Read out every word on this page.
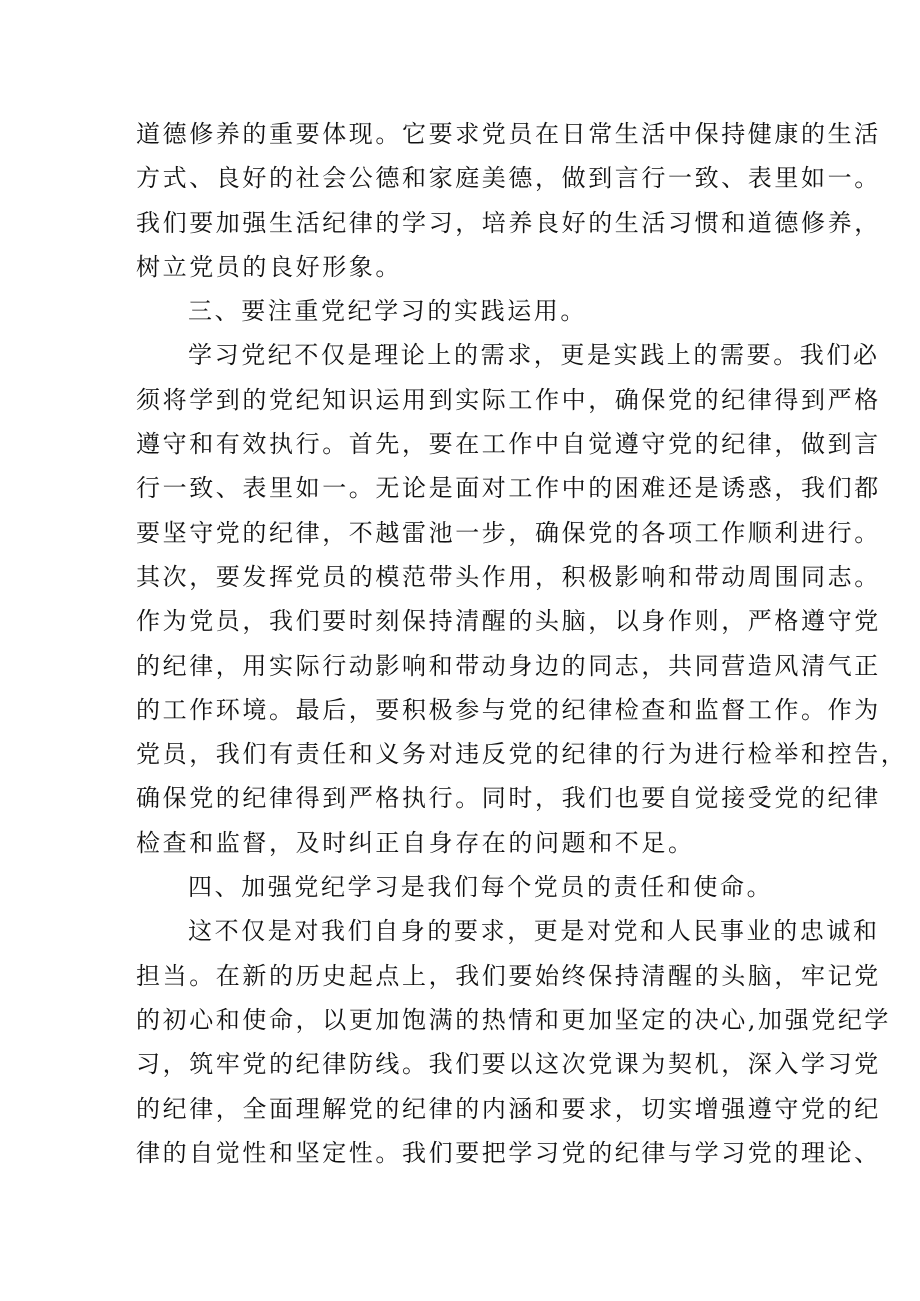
道德修养的重要体现。它要求党员在日常生活中保持健康的生活
方式、良好的社会公德和家庭美德，做到言行一致、表里如一。
我们要加强生活纪律的学习，培养良好的生活习惯和道德修养，
树立党员的良好形象。
三、要注重党纪学习的实践运用。
学习党纪不仅是理论上的需求，更是实践上的需要。我们必
须将学到的党纪知识运用到实际工作中，确保党的纪律得到严格
遵守和有效执行。首先，要在工作中自觉遵守党的纪律，做到言
行一致、表里如一。无论是面对工作中的困难还是诱惑，我们都
要坚守党的纪律，不越雷池一步，确保党的各项工作顺利进行。
其次，要发挥党员的模范带头作用，积极影响和带动周围同志。
作为党员，我们要时刻保持清醒的头脑，以身作则，严格遵守党
的纪律，用实际行动影响和带动身边的同志，共同营造风清气正
的工作环境。最后，要积极参与党的纪律检查和监督工作。作为
党员，我们有责任和义务对违反党的纪律的行为进行检举和控告，
确保党的纪律得到严格执行。同时，我们也要自觉接受党的纪律
检查和监督，及时纠正自身存在的问题和不足。
四、加强党纪学习是我们每个党员的责任和使命。
这不仅是对我们自身的要求，更是对党和人民事业的忠诚和
担当。在新的历史起点上，我们要始终保持清醒的头脑，牢记党
的初心和使命，以更加饱满的热情和更加坚定的决心,加强党纪学
习，筑牢党的纪律防线。我们要以这次党课为契机，深入学习党
的纪律，全面理解党的纪律的内涵和要求，切实增强遵守党的纪
律的自觉性和坚定性。我们要把学习党的纪律与学习党的理论、
